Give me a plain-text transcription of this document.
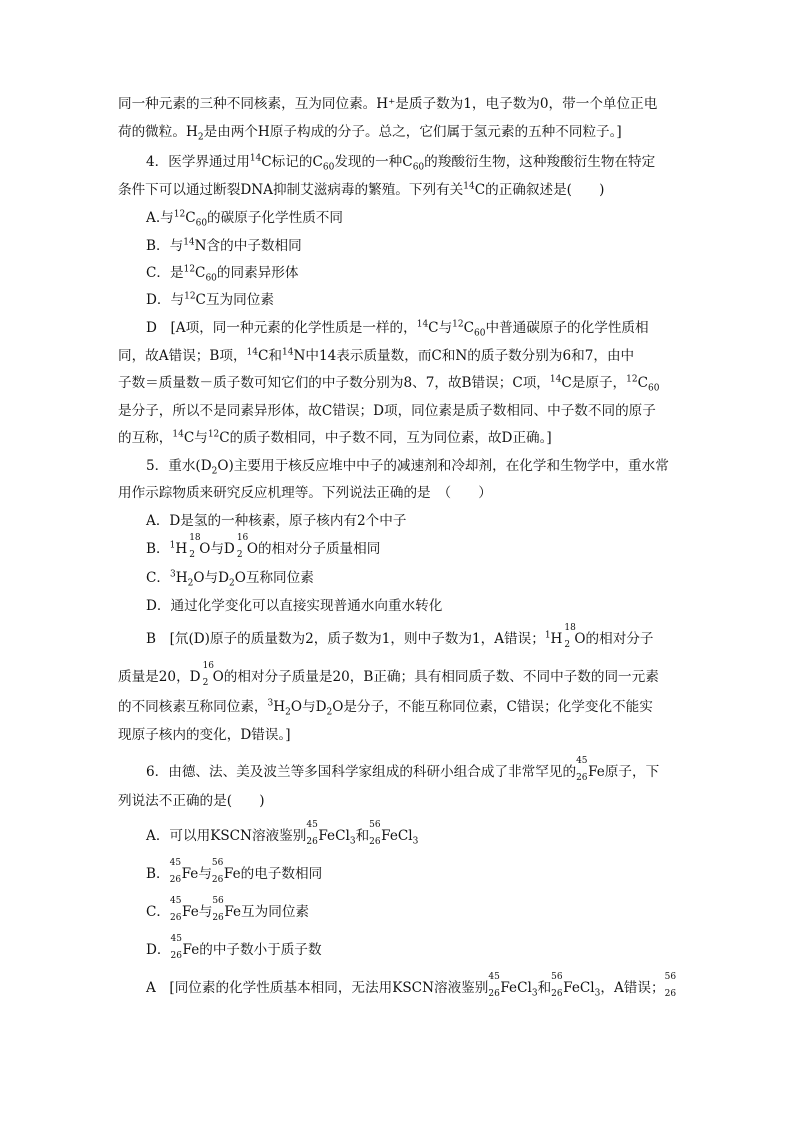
同一种元素的三种不同核素，互为同位素。H⁺是质子数为1，电子数为0，带一个单位正电
荷的微粒。$H_2$是由两个H原子构成的分子。总之，它们属于氢元素的五种不同粒子。]
4．医学界通过用$^{14}$C标记的$C_{60}$发现的一种$C_{60}$的羧酸衍生物，这种羧酸衍生物在特定
条件下可以通过断裂DNA抑制艾滋病毒的繁殖。下列有关$^{14}$C的正确叙述是(　　)
A.与$^{12}C_{60}$的碳原子化学性质不同
B．与$^{14}$N含的中子数相同
C．是$^{12}C_{60}$的同素异形体
D．与$^{12}$C互为同位素
D　[A项，同一种元素的化学性质是一样的，$^{14}$C与$^{12}C_{60}$中普通碳原子的化学性质相
同，故A错误；B项，$^{14}$C和$^{14}$N中14表示质量数，而C和N的质子数分别为6和7，由中
子数＝质量数－质子数可知它们的中子数分别为8、7，故B错误；C项，$^{14}$C是原子，$^{12}C_{60}$
是分子，所以不是同素异形体，故C错误；D项，同位素是质子数相同、中子数不同的原子
的互称，$^{14}$C与$^{12}$C的质子数相同，中子数不同，互为同位素，故D正确。]
5．重水$(D_2O)$主要用于核反应堆中中子的减速剂和冷却剂，在化学和生物学中，重水常
用作示踪物质来研究反应机理等。下列说法正确的是　（　　）
A．D是氢的一种核素，原子核内有2个中子
B．$^1$H
18
2 O与D
16
2 O的相对分子质量相同
C．$^3H_2O$与$D_2O$互称同位素
D．通过化学变化可以直接实现普通水向重水转化
B　[氘(D)原子的质量数为2，质子数为1，则中子数为1，A错误；$^1$H
18
2 O的相对分子
质量是20，D
16
2 O的相对分子质量是20，B正确；具有相同质子数、不同中子数的同一元素
的不同核素互称同位素，$^3H_2O$与$D_2O$是分子，不能互称同位素，C错误；化学变化不能实
现原子核内的变化，D错误。]
6．由德、法、美及波兰等多国科学家组成的科研小组合成了非常罕见的
45
26 Fe原子，下
列说法不正确的是(　　)
A．可以用KSCN溶液鉴别
45
26 FeCl$_3$和
56
26 FeCl$_3$
B．
45
26 Fe与
56
26 Fe的电子数相同
C．
45
26 Fe与
56
26 Fe互为同位素
D．
45
26 Fe的中子数小于质子数
A　[同位素的化学性质基本相同，无法用KSCN溶液鉴别
45
26 FeCl$_3$和
56
26 FeCl$_3$，A错误；
56
26
